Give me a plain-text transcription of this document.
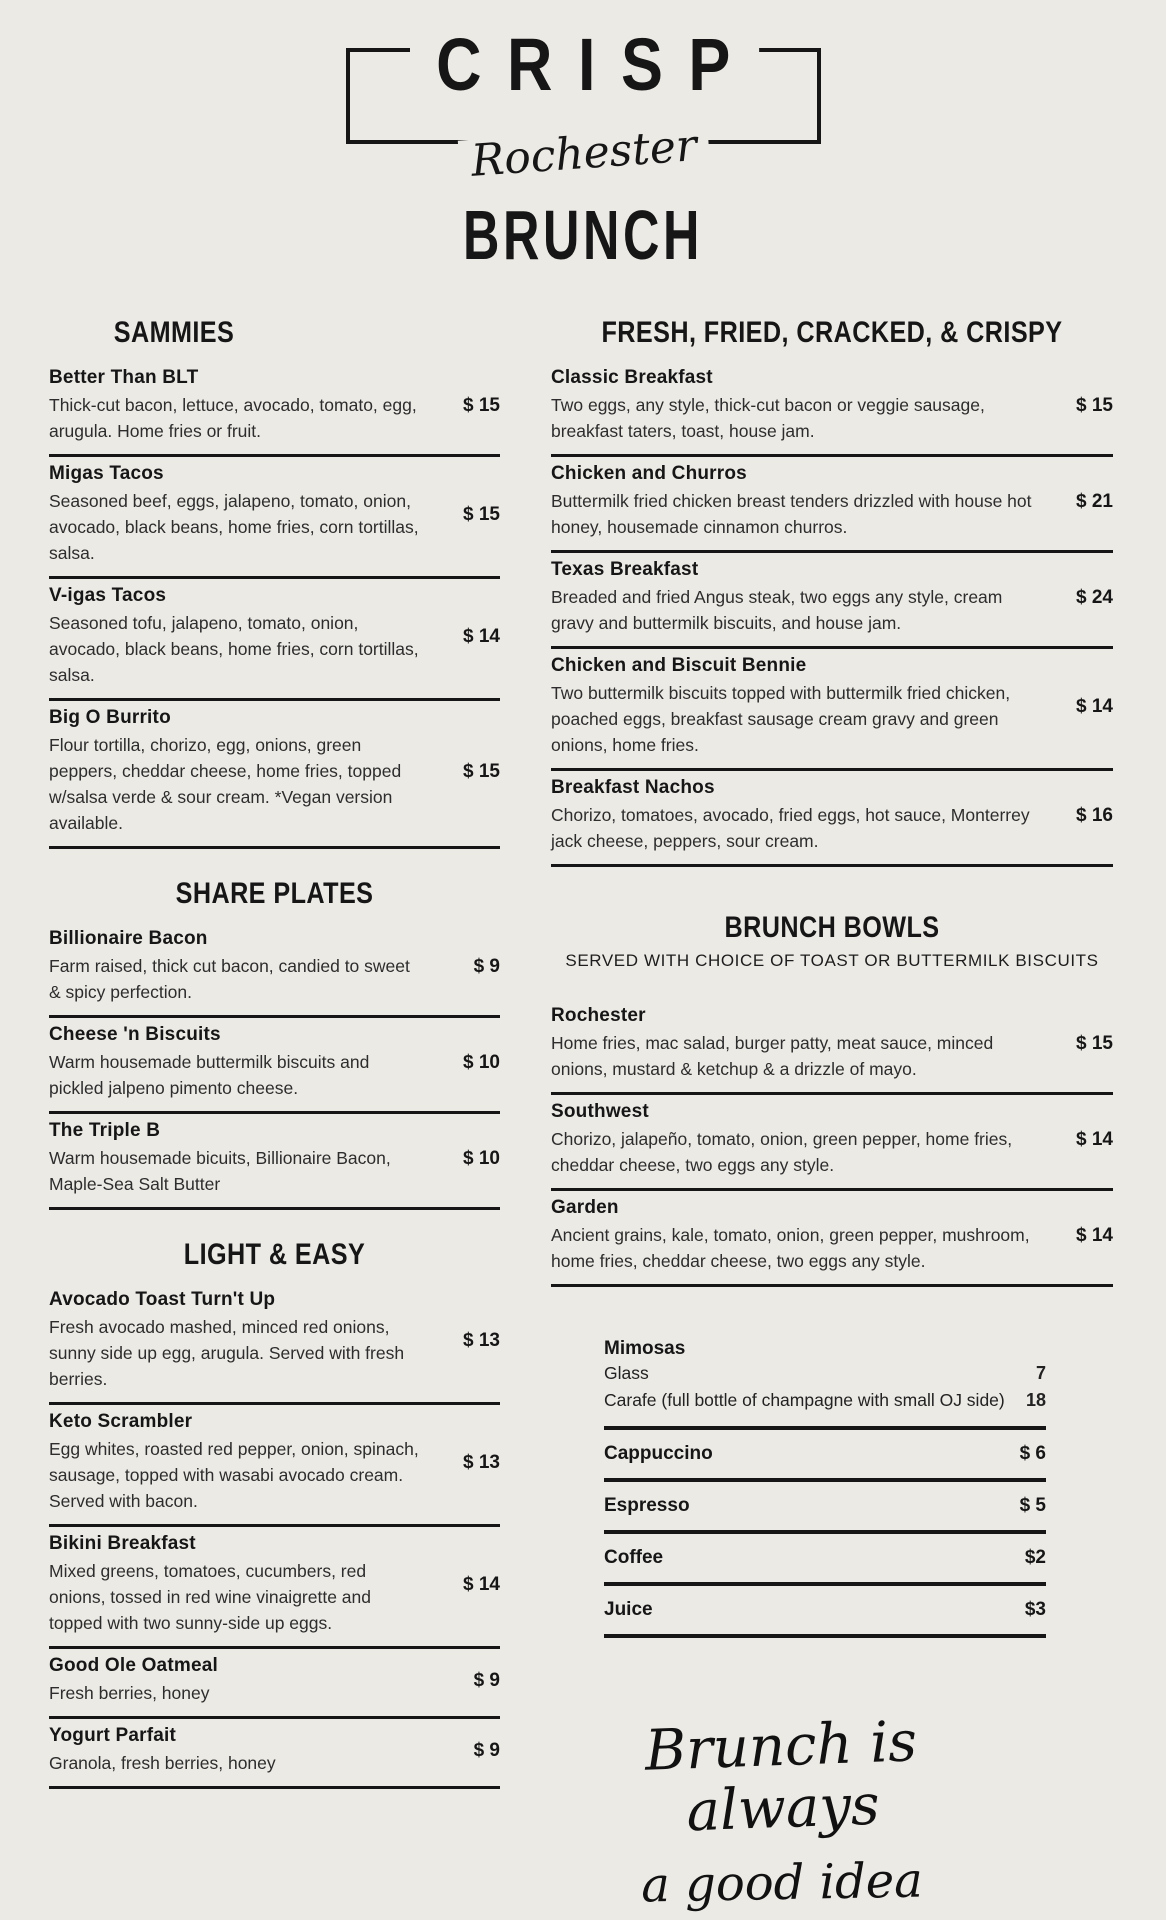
CRISP
Rochester
BRUNCH
SAMMIES
Better Than BLT
Thick-cut bacon, lettuce, avocado, tomato, egg, arugula. Home fries or fruit.
$ 15
Migas Tacos
Seasoned beef, eggs, jalapeno, tomato, onion, avocado, black beans, home fries, corn tortillas, salsa.
$ 15
V-igas Tacos
Seasoned tofu, jalapeno, tomato, onion, avocado, black beans, home fries, corn tortillas, salsa.
$ 14
Big O Burrito
Flour tortilla, chorizo, egg, onions, green peppers, cheddar cheese, home fries, topped w/salsa verde & sour cream. *Vegan version available.
$ 15
SHARE PLATES
Billionaire Bacon
Farm raised, thick cut bacon, candied to sweet & spicy perfection.
$ 9
Cheese 'n Biscuits
Warm housemade buttermilk biscuits and pickled jalpeno pimento cheese.
$ 10
The Triple B
Warm housemade bicuits, Billionaire Bacon, Maple-Sea Salt Butter
$ 10
LIGHT & EASY
Avocado Toast Turn't Up
Fresh avocado mashed, minced red onions, sunny side up egg, arugula. Served with fresh berries.
$ 13
Keto Scrambler
Egg whites, roasted red pepper, onion, spinach, sausage, topped with wasabi avocado cream. Served with bacon.
$ 13
Bikini Breakfast
Mixed greens, tomatoes, cucumbers, red onions, tossed in red wine vinaigrette and topped with two sunny-side up eggs.
$ 14
Good Ole Oatmeal
Fresh berries, honey
$ 9
Yogurt Parfait
Granola, fresh berries, honey
$ 9
FRESH, FRIED, CRACKED, & CRISPY
Classic Breakfast
Two eggs, any style, thick-cut bacon or veggie sausage, breakfast taters, toast, house jam.
$ 15
Chicken and Churros
Buttermilk fried chicken breast tenders drizzled with house hot honey, housemade cinnamon churros.
$ 21
Texas Breakfast
Breaded and fried Angus steak, two eggs any style, cream gravy and buttermilk biscuits, and house jam.
$ 24
Chicken and Biscuit Bennie
Two buttermilk biscuits topped with buttermilk fried chicken, poached eggs, breakfast sausage cream gravy and green onions, home fries.
$ 14
Breakfast Nachos
Chorizo, tomatoes, avocado, fried eggs, hot sauce, Monterrey jack cheese, peppers, sour cream.
$ 16
BRUNCH BOWLS
SERVED WITH CHOICE OF TOAST OR BUTTERMILK BISCUITS
Rochester
Home fries, mac salad, burger patty, meat sauce, minced onions, mustard & ketchup & a drizzle of mayo.
$ 15
Southwest
Chorizo, jalapeño, tomato, onion, green pepper, home fries, cheddar cheese, two eggs any style.
$ 14
Garden
Ancient grains, kale, tomato, onion, green pepper, mushroom, home fries, cheddar cheese, two eggs any style.
$ 14
Mimosas
Glass	7
Carafe (full bottle of champagne with small OJ side)	18
Cappuccino	$ 6
Espresso	$ 5
Coffee	$2
Juice	$3
Brunch is always
a good idea
